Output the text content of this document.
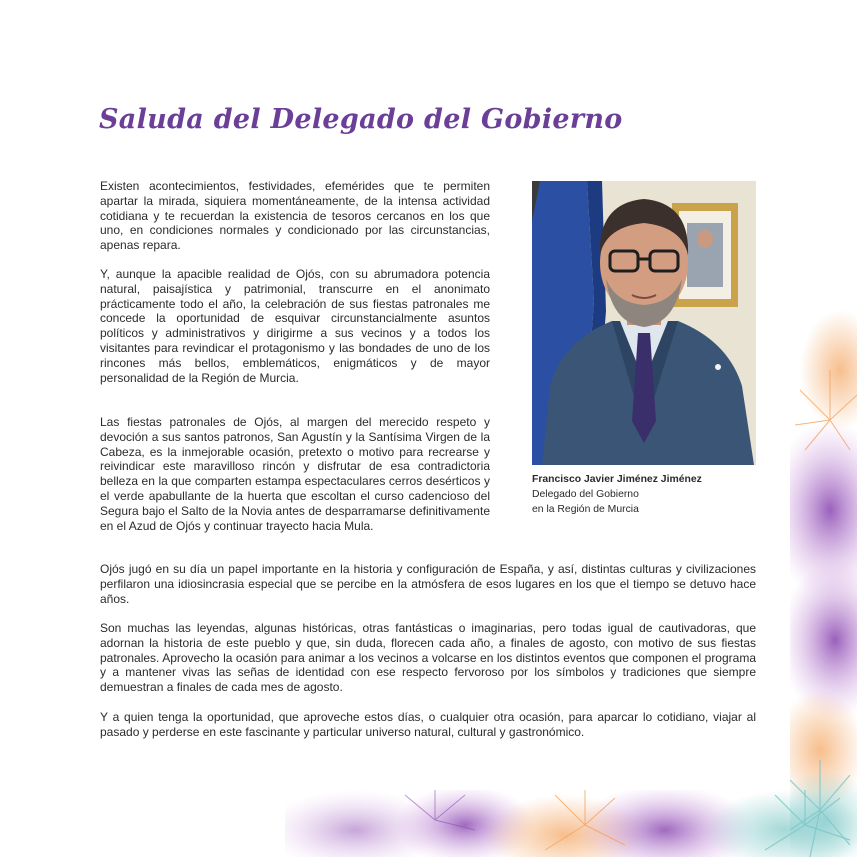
Saluda del Delegado del Gobierno

Existen acontecimientos, festividades, efemérides que te permiten apartar la mirada, siquiera momentáneamente, de la intensa actividad cotidiana y te recuerdan la existencia de tesoros cercanos en los que uno, en condiciones normales y condicionado por las circunstancias, apenas repara.

Y, aunque la apacible realidad de Ojós, con su abrumadora potencia natural, paisajística y patrimonial, transcurre en el anonimato prácticamente todo el año, la celebración de sus fiestas patronales me concede la oportunidad de esquivar circunstancialmente asuntos políticos y administrativos y dirigirme a sus vecinos y a todos los visitantes para revindicar el protagonismo y las bondades de uno de los rincones más bellos, emblemáticos, enigmáticos y de mayor personalidad de la Región de Murcia.

Las fiestas patronales de Ojós, al margen del merecido respeto y devoción a sus santos patronos, San Agustín y la Santísima Virgen de la Cabeza, es la inmejorable ocasión, pretexto o motivo para recrearse y reivindicar este maravilloso rincón y disfrutar de esa contradictoria belleza en la que comparten estampa espectaculares cerros desérticos y el verde apabullante de la huerta que escoltan el curso cadencioso del Segura bajo el Salto de la Novia antes de desparramarse definitivamente en el Azud de Ojós y continuar trayecto hacia Mula.

Ojós jugó en su día un papel importante en la historia y configuración de España, y así, distintas culturas y civilizaciones perfilaron una idiosincrasia especial que se percibe en la atmósfera de esos lugares en los que el tiempo se detuvo hace años.

Son muchas las leyendas, algunas históricas, otras fantásticas o imaginarias, pero todas igual de cautivadoras, que adornan la historia de este pueblo y que, sin duda, florecen cada año, a finales de agosto, con motivo de sus fiestas patronales. Aprovecho la ocasión para animar a los vecinos a volcarse en los distintos eventos que componen el programa y a mantener vivas las señas de identidad con ese respecto fervoroso por los símbolos y tradiciones que siempre demuestran a finales de cada mes de agosto.

Y a quien tenga la oportunidad, que aproveche estos días, o cualquier otra ocasión, para aparcar lo cotidiano, viajar al pasado y perderse en este fascinante y particular universo natural, cultural y gastronómico.

Francisco Javier Jiménez Jiménez
Delegado del Gobierno
en la Región de Murcia
